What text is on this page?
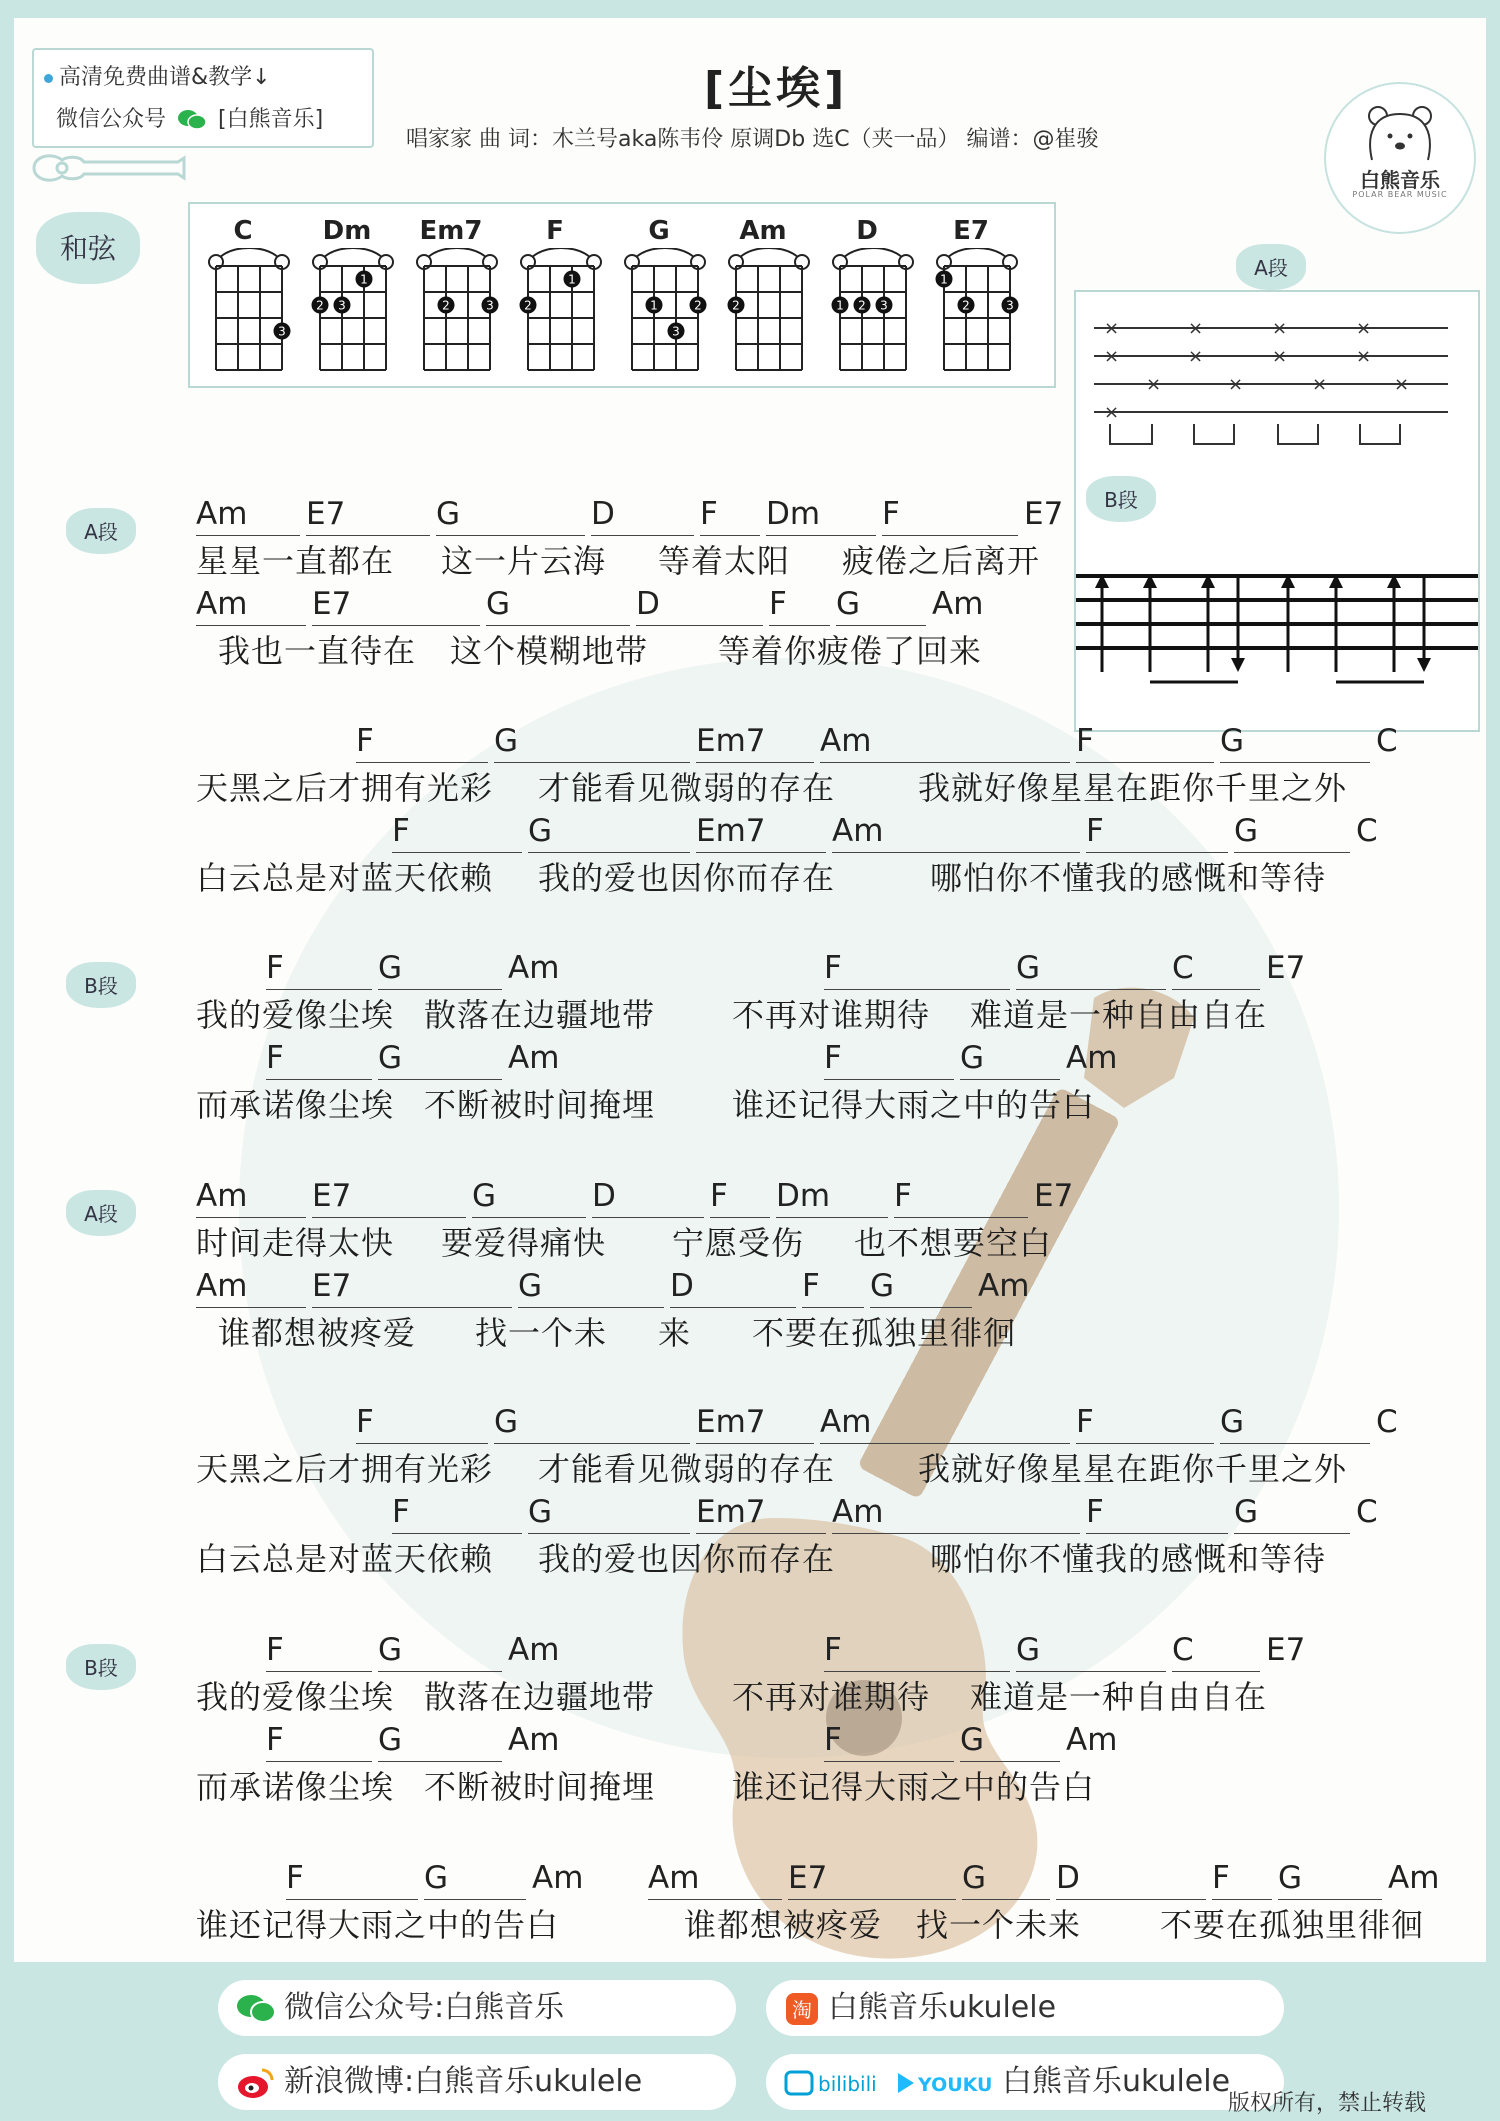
高清免费曲谱&教学↓
微信公众号 [白熊音乐]
[尘埃]
唱家家 曲 词：木兰号aka陈韦伶 原调Db 选C（夹一品） 编谱：@崔骏
白熊音乐
POLAR BEAR MUSIC
和弦
C
3
Dm
2 3
1
Em7
2	3
F
2
1
G
1
3
2
Am
2
D
1 2 3
E7
1
2	3
A段
×	×	×	×
×	×	×	×
×	×	×	×
×
B段
A段	Am	E7	G	D	F	Dm	F	E7
星星一直都在 这一片云海 等着太阳 疲倦之后离开
Am	E7	G	D	F	G	Am
我也一直待在 这个模糊地带 等着你疲倦了回来
F	G	Em7	Am	F	G	C
天黑之后才拥有光彩 才能看见微弱的存在	我就好像星星在距你千里之外
F	G	Em7	Am	F	G	C
白云总是对蓝天依赖 我的爱也因你而存在	哪怕你不懂我的感慨和等待
B段	F	G	Am	F	G	C	E7
我的爱像尘埃 散落在边疆地带 不再对谁期待 难道是一种自由自在
F	G	Am	F	G	Am
而承诺像尘埃 不断被时间掩埋 谁还记得大雨之中的告白
A段	Am	E7	G	D	F	Dm	F	E7
时间走得太快 要爱得痛快 宁愿受伤 也不想要空白
Am	E7	G	D	F	G	Am
谁都想被疼爱 找一个未 来 不要在孤独里徘徊
F	G	Em7	Am	F	G	C
天黑之后才拥有光彩 才能看见微弱的存在	我就好像星星在距你千里之外
F	G	Em7	Am	F	G	C
白云总是对蓝天依赖 我的爱也因你而存在	哪怕你不懂我的感慨和等待
B段	F	G	Am	F	G	C	E7
我的爱像尘埃 散落在边疆地带 不再对谁期待 难道是一种自由自在
F	G	Am	F	G	Am
而承诺像尘埃 不断被时间掩埋 谁还记得大雨之中的告白
F	G	Am	Am	E7	G	D	F	G	Am
谁还记得大雨之中的告白	谁都想被疼爱 找一个未来 不要在孤独里徘徊
微信公众号:白熊音乐	淘 白熊音乐ukulele
新浪微博:白熊音乐ukulele	bilibili YOUKU 白熊音乐ukulele
版权所有，禁止转载
